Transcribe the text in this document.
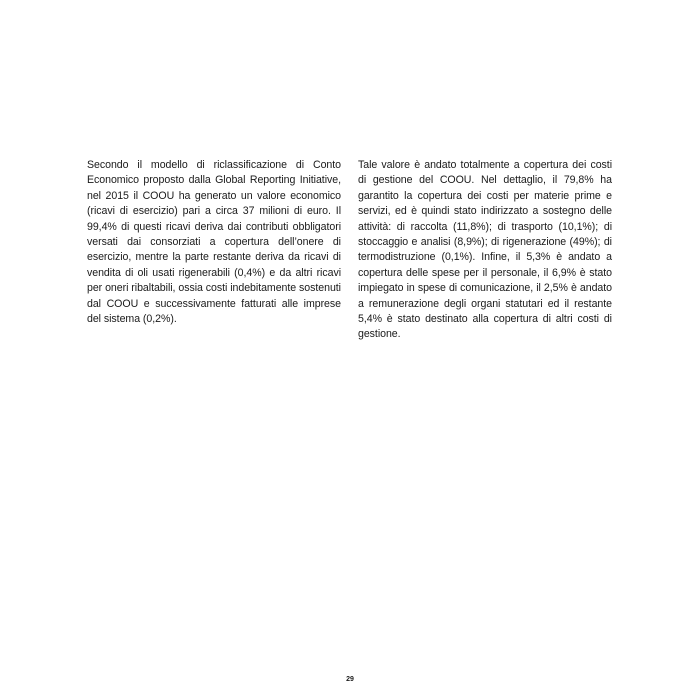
Secondo il modello di riclassificazione di Conto Economico proposto dalla Global Reporting Initiative, nel 2015 il COOU ha generato un valore economico (ricavi di esercizio) pari a circa 37 milioni di euro. Il 99,4% di questi ricavi deriva dai contributi obbligatori versati dai consorziati a copertura dell’onere di esercizio, mentre la parte restante deriva da ricavi di vendita di oli usati rigenerabili (0,4%) e da altri ricavi per oneri ribaltabili, ossia costi indebitamente sostenuti dal COOU e successivamente fatturati alle imprese del sistema (0,2%).

Tale valore è andato totalmente a copertura dei costi di gestione del COOU. Nel dettaglio, il 79,8% ha garantito la copertura dei costi per materie prime e servizi, ed è quindi stato indirizzato a sostegno delle attività: di raccolta (11,8%); di trasporto (10,1%); di stoccaggio e analisi (8,9%); di rigenerazione (49%); di termodistruzione (0,1%). Infine, il 5,3% è andato a copertura delle spese per il personale, il 6,9% è stato impiegato in spese di comunicazione, il 2,5% è andato a remunerazione degli organi statutari ed il restante 5,4% è stato destinato alla copertura di altri costi di gestione.

29
